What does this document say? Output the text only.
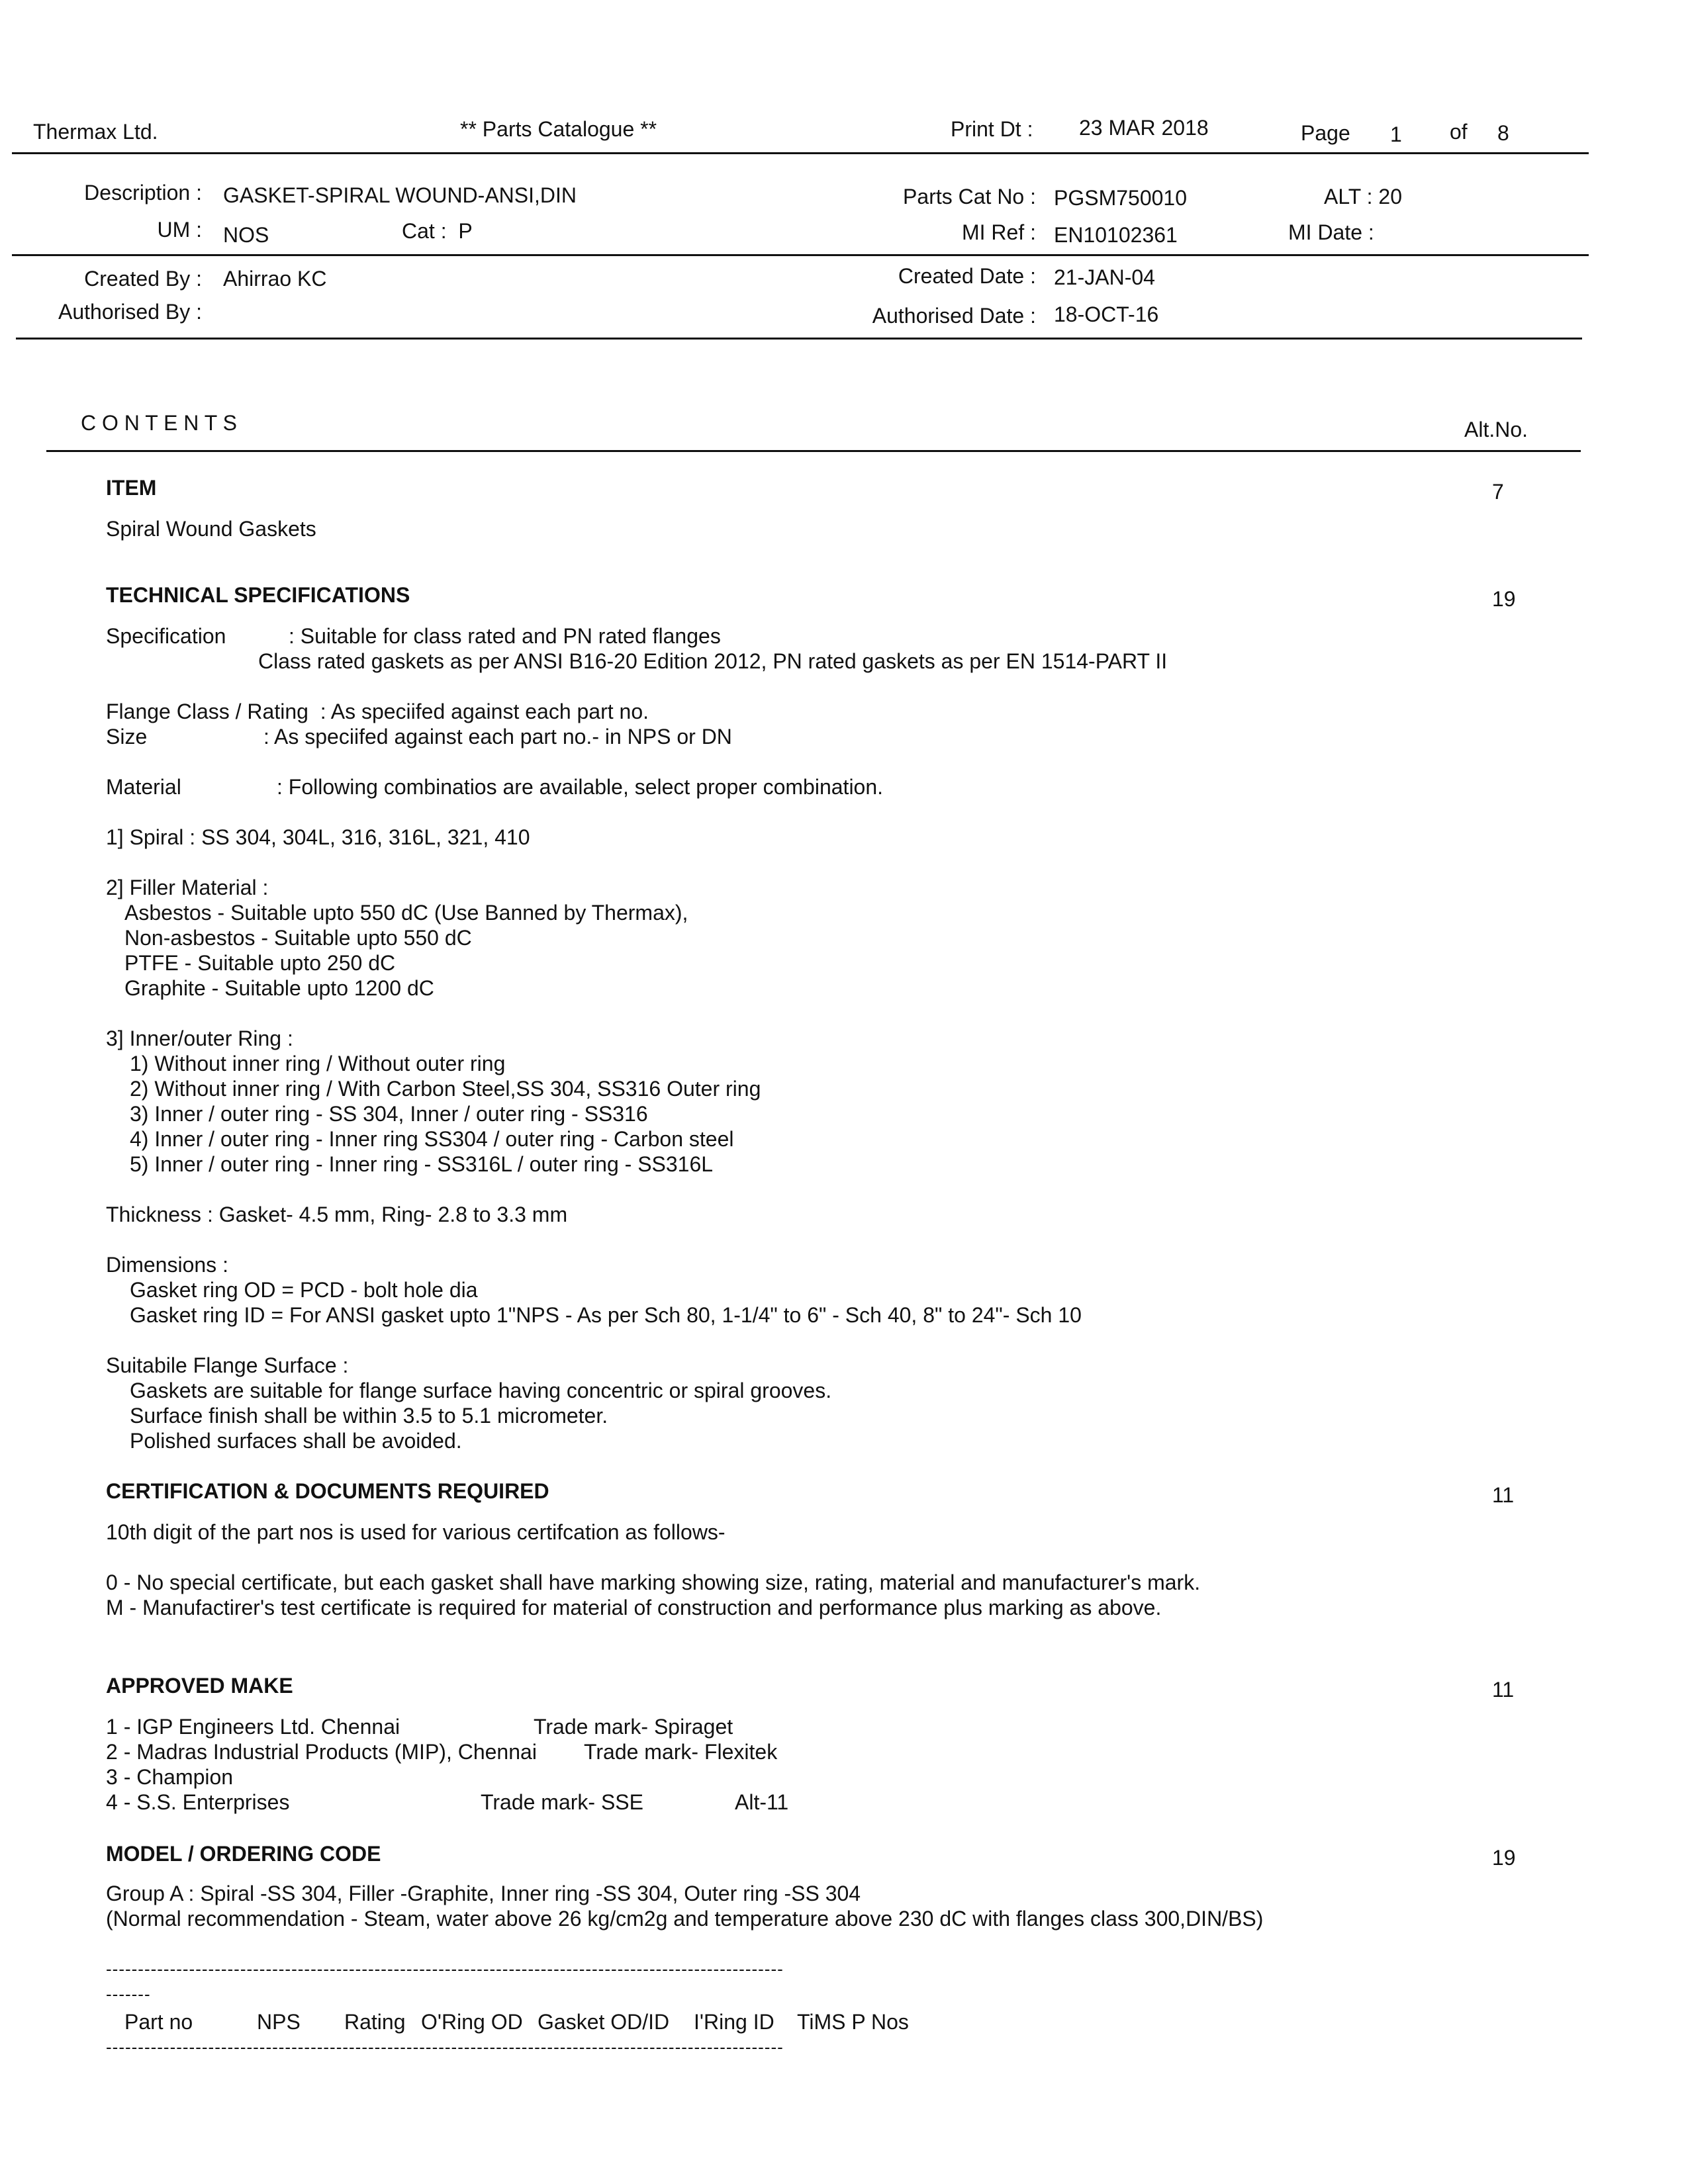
Thermax Ltd.	** Parts Catalogue **	Print Dt : 23 MAR 2018	Page 1 of 8
Description : GASKET-SPIRAL WOUND-ANSI,DIN
UM : NOS	Cat :  P
Parts Cat No : PGSM750010	ALT : 20
MI Ref : EN10102361	MI Date :
Created By : Ahirrao KC
Authorised By :
Created Date : 21-JAN-04
Authorised Date : 18-OCT-16
C O N T E N T S	Alt.No.
ITEM	7
Spiral Wound Gaskets
TECHNICAL SPECIFICATIONS	19
Specification	: Suitable for class rated and PN rated flanges
Class rated gaskets as per ANSI B16-20 Edition 2012, PN rated gaskets as per EN 1514-PART II
Flange Class / Rating  : As speciifed against each part no.
Size	: As speciifed against each part no.- in NPS or DN
Material	: Following combinatios are available, select proper combination.
1] Spiral : SS 304, 304L, 316, 316L, 321, 410
2] Filler Material :
Asbestos - Suitable upto 550 dC (Use Banned by Thermax),
Non-asbestos - Suitable upto 550 dC
PTFE - Suitable upto 250 dC
Graphite - Suitable upto 1200 dC
3] Inner/outer Ring :
1) Without inner ring / Without outer ring
2) Without inner ring / With Carbon Steel,SS 304, SS316 Outer ring
3) Inner / outer ring - SS 304, Inner / outer ring - SS316
4) Inner / outer ring - Inner ring SS304 / outer ring - Carbon steel
5) Inner / outer ring - Inner ring - SS316L / outer ring - SS316L
Thickness : Gasket- 4.5 mm, Ring- 2.8 to 3.3 mm
Dimensions :
Gasket ring OD = PCD - bolt hole dia
Gasket ring ID = For ANSI gasket upto 1"NPS - As per Sch 80, 1-1/4" to 6" - Sch 40, 8" to 24"- Sch 10
Suitabile Flange Surface :
Gaskets are suitable for flange surface having concentric or spiral grooves.
Surface finish shall be within 3.5 to 5.1 micrometer.
Polished surfaces shall be avoided.
CERTIFICATION & DOCUMENTS REQUIRED	11
10th digit of the part nos is used for various certifcation as follows-
0 - No special certificate, but each gasket shall have marking showing size, rating, material and manufacturer's mark.
M - Manufactirer's test certificate is required for material of construction and performance plus marking as above.
APPROVED MAKE	11
1 - IGP Engineers Ltd. Chennai	Trade mark- Spiraget
2 - Madras Industrial Products (MIP), Chennai Trade mark- Flexitek
3 - Champion
4 - S.S. Enterprises	Trade mark- SSE	Alt-11
MODEL / ORDERING CODE	19
Group A : Spiral -SS 304, Filler -Graphite, Inner ring -SS 304, Outer ring -SS 304
(Normal recommendation - Steam, water above 26 kg/cm2g and temperature above 230 dC with flanges class 300,DIN/BS)
----------------------------------------------------------------------------------------------------------
-------
Part no	NPS Rating O'Ring OD Gasket OD/ID I'Ring ID TiMS P Nos
----------------------------------------------------------------------------------------------------------
